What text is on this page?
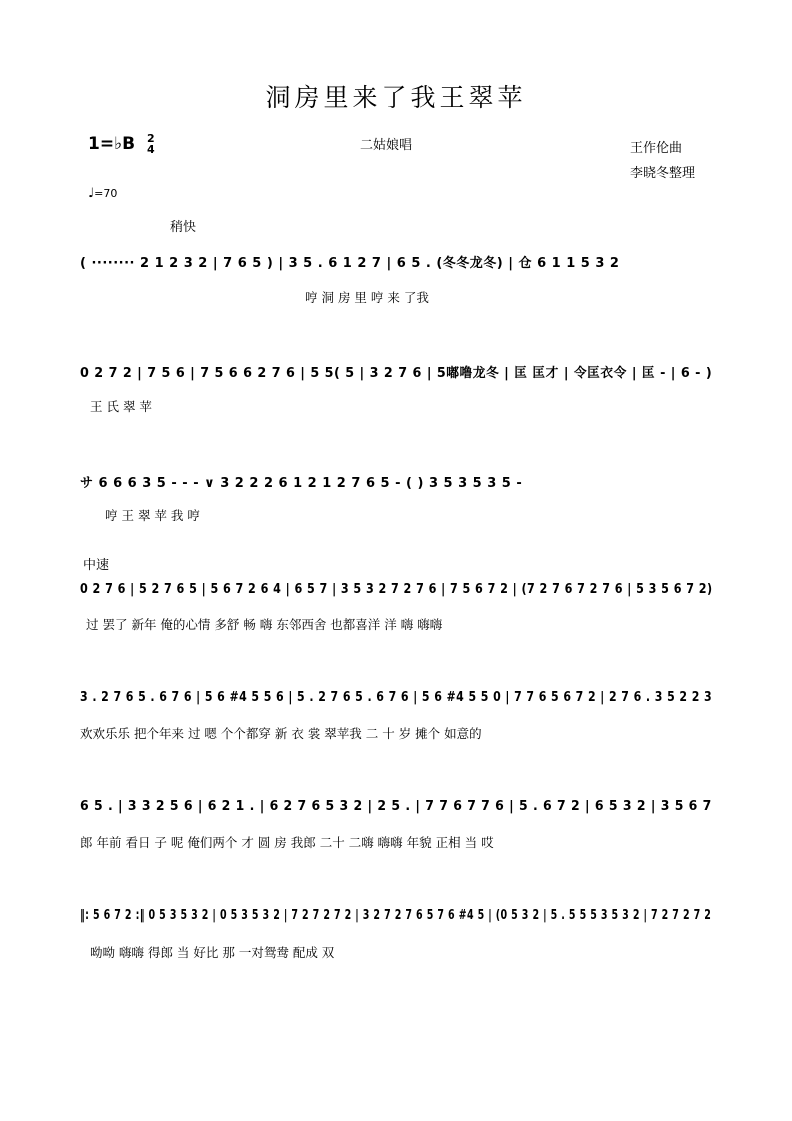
洞房里来了我王翠苹
1=♭B 2
4	二姑娘唱	王作伦曲
李晓冬整理
♩=70
稍快
中速
( ········ 2 1 2 3 2 | 7 6 5 ) | 3 5 . 6 1 2 7 | 6 5 . (冬冬龙冬) | 仓 6 1 1 5 3 2
哼 洞 房 里 哼 来 了我
0 2 7 2 | 7 5 6 | 7 5 6 6 2 7 6 | 5 5( 5 | 3 2 7 6 | 5嘟噜龙冬 | 匡 匡才 | 令匡衣令 | 匡 - | 6 - )
王 氏 翠 苹
サ 6 6 6 3 5 - - - ∨ 3 2 2 2 6 1 2 1 2 7 6 5 - ( ) 3 5 3 5 3 5 -
哼 王 翠 苹 我 哼
0 2 7 6 | 5 2 7 6 5 | 5 6 7 2 6 4 | 6 5 7 | 3 5 3 2 7 2 7 6 | 7 5 6 7 2 | (7 2 7 6 7 2 7 6 | 5 3 5 6 7 2)
过 罢了 新年 俺的心情 多舒 畅 嗨 东邻西舍 也都喜洋 洋 嗨 嗨嗨
3 . 2 7 6 5 . 6 7 6 | 5 6 #4 5 5 6 | 5 . 2 7 6 5 . 6 7 6 | 5 6 #4 5 5 0 | 7 7 6 5 6 7 2 | 2 7 6 . 3 5 2 2 3
欢欢乐乐 把个年来 过 嗯 个个都穿 新 衣 裳 翠苹我 二 十 岁 摊个 如意的
6 5 . | 3 3 2 5 6 | 6 2 1 . | 6 2 7 6 5 3 2 | 2 5 . | 7 7 6 7 7 6 | 5 . 6 7 2 | 6 5 3 2 | 3 5 6 7
郎 年前 看日 子 呢 俺们两个 才 圆 房 我郎 二十 二嗨 嗨嗨 年貌 正相 当 哎
‖: 5 6 7 2 :‖ 0 5 3 5 3 2 | 0 5 3 5 3 2 | 7 2 7 2 7 2 | 3 2 7 2 7 6 5 7 6 #4 5 | (0 5 3 2 | 5 . 5 5 5 3 5 3 2 | 7 2 7 2 7 2
呦呦 嗨嗨 得郎 当 好比 那 一对鸳鸯 配成 双
